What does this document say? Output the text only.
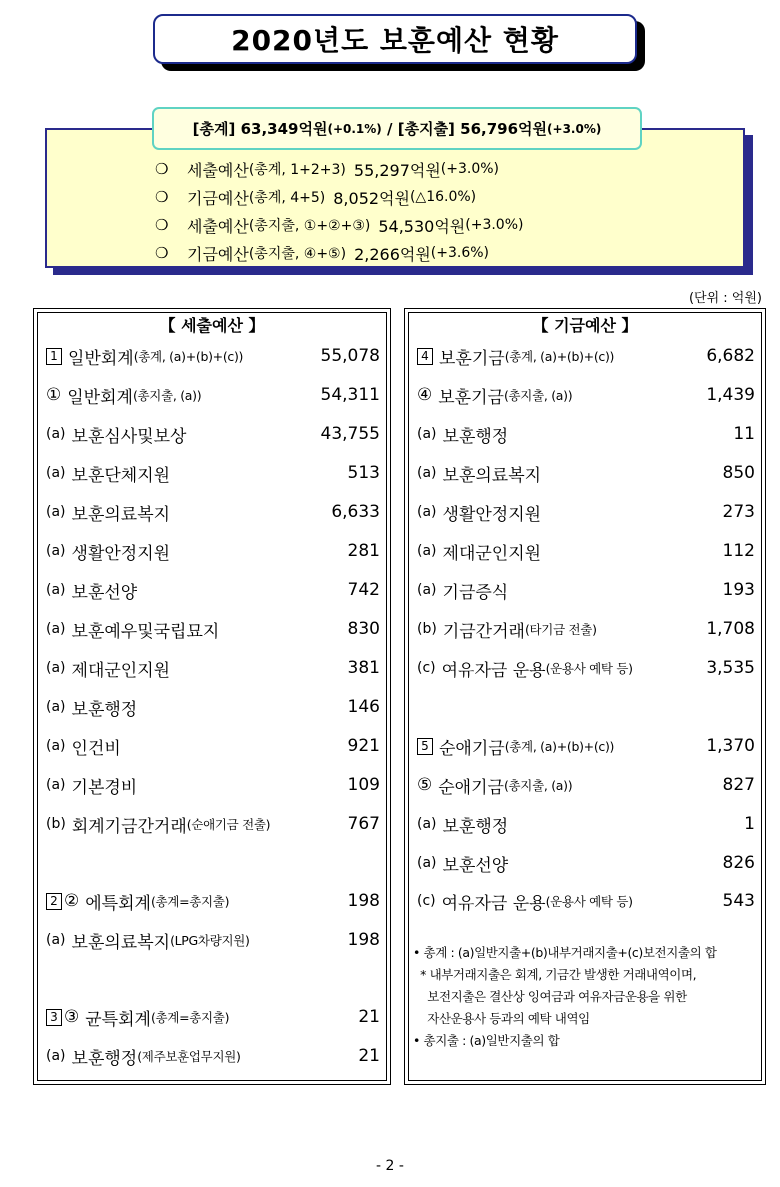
2020년도 보훈예산 현황
[총계]
63,349억원 (+0.1%)
/
[총지출]
56,796억원 (+3.0%)
❍	세출예산 (총계, 1+2+3) 55,297억원 (+3.0%)
❍	기금예산 (총계, 4+5) 8,052억원 (△16.0%)
❍	세출예산 (총지출, ①+②+③) 54,530억원 (+3.0%)
❍	기금예산 (총지출, ④+⑤) 2,266억원 (+3.6%)
(단위 : 억원)
【 세출예산 】
1 일반회계 (총계, (a)+(b)+(c))	55,078
① 일반회계 (총지출, (a))	54,311
(a) 보훈심사및보상	43,755
(a) 보훈단체지원	513
(a) 보훈의료복지	6,633
(a) 생활안정지원	281
(a) 보훈선양	742
(a) 보훈예우및국립묘지	830
(a) 제대군인지원	381
(a) 보훈행정	146
(a) 인건비	921
(a) 기본경비	109
(b) 회계기금간거래 (순애기금 전출)	767
2 ② 에특회계 (총계=총지출)	198
(a) 보훈의료복지 (LPG차량지원)	198
3 ③ 균특회계 (총계=총지출)	21
(a) 보훈행정 (제주보훈업무지원)	21
【 기금예산 】
• 총계 : (a)일반지출+(b)내부거래지출+(c)보전지출의 합
* 내부거래지출은 회계, 기금간 발생한 거래내역이며,
보전지출은 결산상 잉여금과 여유자금운용을 위한
자산운용사 등과의 예탁 내역임
• 총지출 : (a)일반지출의 합
4 보훈기금 (총계, (a)+(b)+(c))	6,682
④ 보훈기금 (총지출, (a))	1,439
(a) 보훈행정	11
(a) 보훈의료복지	850
(a) 생활안정지원	273
(a) 제대군인지원	112
(a) 기금증식	193
(b) 기금간거래 (타기금 전출)	1,708
(c) 여유자금 운용 (운용사 예탁 등)	3,535
5 순애기금 (총계, (a)+(b)+(c))	1,370
⑤ 순애기금 (총지출, (a))	827
(a) 보훈행정	1
(a) 보훈선양	826
(c) 여유자금 운용 (운용사 예탁 등)	543
- 2 -
